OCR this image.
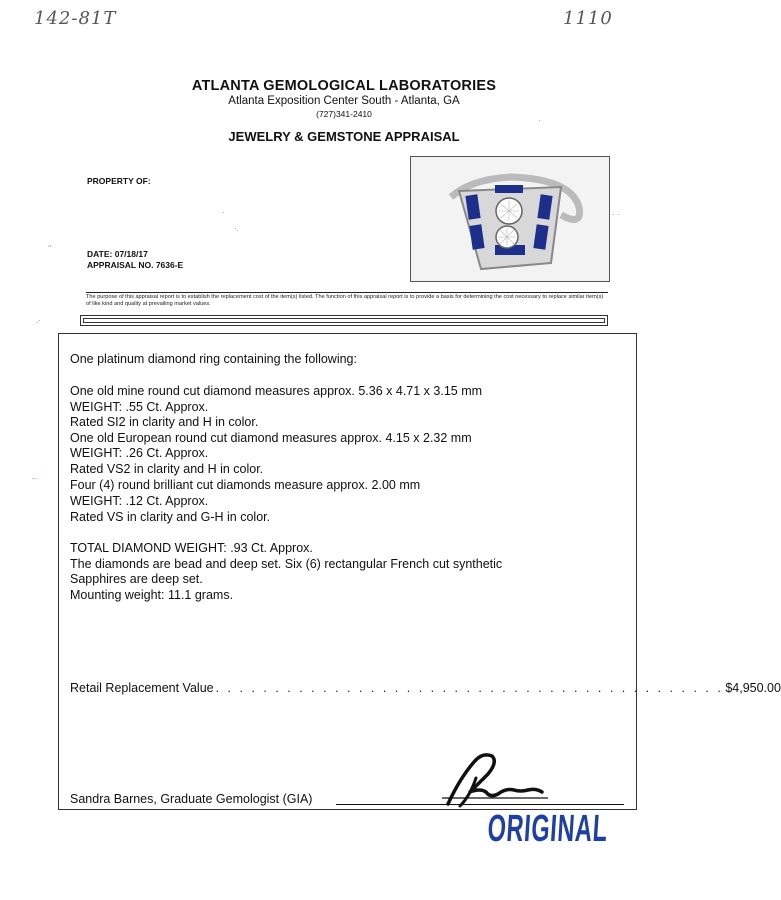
142-81T	1110
ATLANTA GEMOLOGICAL LABORATORIES
Atlanta Exposition Center South - Atlanta, GA
(727)341-2410
JEWELRY & GEMSTONE APPRAISAL
PROPERTY OF:
DATE: 07/18/17
APPRAISAL NO. 7636-E
The purpose of this appraisal report is to establish the replacement cost of the item(s) listed. The function of this appraisal report is to provide a basis for determining the cost necessary to replace similar item(s) of like kind and quality at prevailing market values.
One platinum diamond ring containing the following:
One old mine round cut diamond measures approx. 5.36 x 4.71 x 3.15 mm
WEIGHT: .55 Ct. Approx.
Rated SI2 in clarity and H in color.
One old European round cut diamond measures approx. 4.15 x 2.32 mm
WEIGHT: .26 Ct. Approx.
Rated VS2 in clarity and H in color.
Four (4) round brilliant cut diamonds measure approx. 2.00 mm
WEIGHT: .12 Ct. Approx.
Rated VS in clarity and G-H in color.
TOTAL DIAMOND WEIGHT: .93 Ct. Approx.
The diamonds are bead and deep set. Six (6) rectangular French cut synthetic
Sapphires are deep set.
Mounting weight: 11.1 grams.
Retail Replacement Value . . . . . . . . . . . . . . . . . . . . . . . . . . . . . . . . . . . . . . . . . . . $4,950.00
Sandra Barnes, Graduate Gemologist (GIA)
ORIGINAL
‘‘
·
·.
· ·
.·
·
–·
